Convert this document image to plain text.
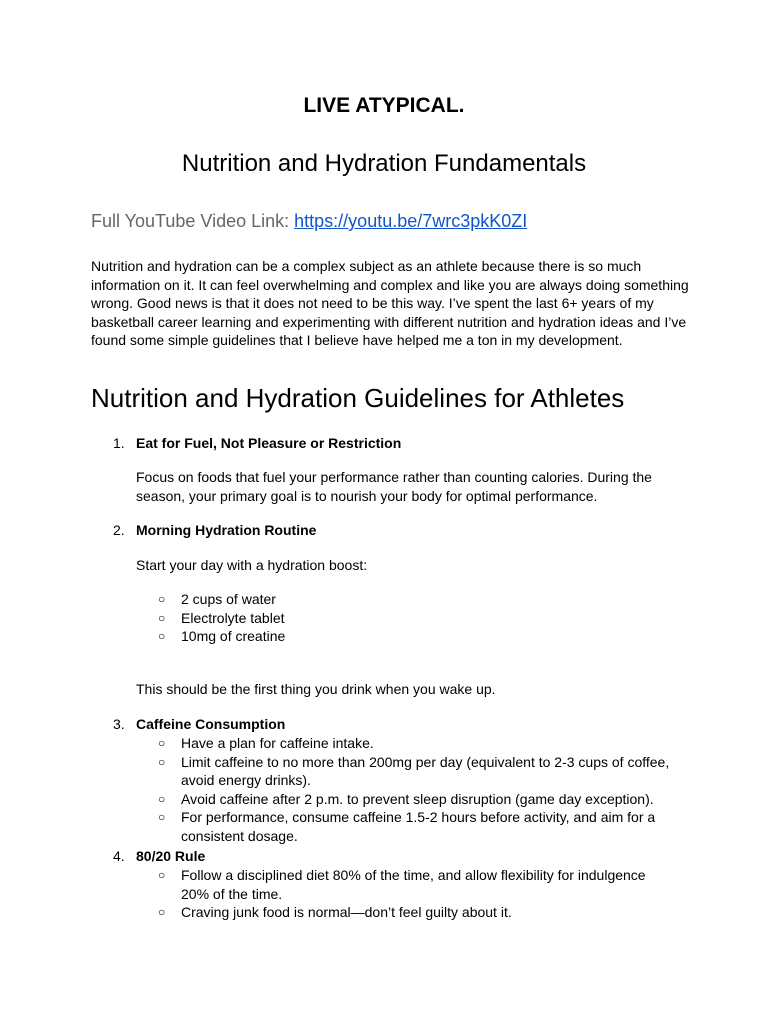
LIVE ATYPICAL.
Nutrition and Hydration Fundamentals
Full YouTube Video Link: https://youtu.be/7wrc3pkK0ZI
Nutrition and hydration can be a complex subject as an athlete because there is so much information on it. It can feel overwhelming and complex and like you are always doing something wrong. Good news is that it does not need to be this way. I’ve spent the last 6+ years of my basketball career learning and experimenting with different nutrition and hydration ideas and I’ve found some simple guidelines that I believe have helped me a ton in my development.
Nutrition and Hydration Guidelines for Athletes
1. Eat for Fuel, Not Pleasure or Restriction
Focus on foods that fuel your performance rather than counting calories. During the season, your primary goal is to nourish your body for optimal performance.
2. Morning Hydration Routine
Start your day with a hydration boost:
○ 2 cups of water
○ Electrolyte tablet
○ 10mg of creatine
This should be the first thing you drink when you wake up.
3. Caffeine Consumption
○ Have a plan for caffeine intake.
○ Limit caffeine to no more than 200mg per day (equivalent to 2-3 cups of coffee, avoid energy drinks).
○ Avoid caffeine after 2 p.m. to prevent sleep disruption (game day exception).
○ For performance, consume caffeine 1.5-2 hours before activity, and aim for a consistent dosage.
4. 80/20 Rule
○ Follow a disciplined diet 80% of the time, and allow flexibility for indulgence 20% of the time.
○ Craving junk food is normal—don’t feel guilty about it.
